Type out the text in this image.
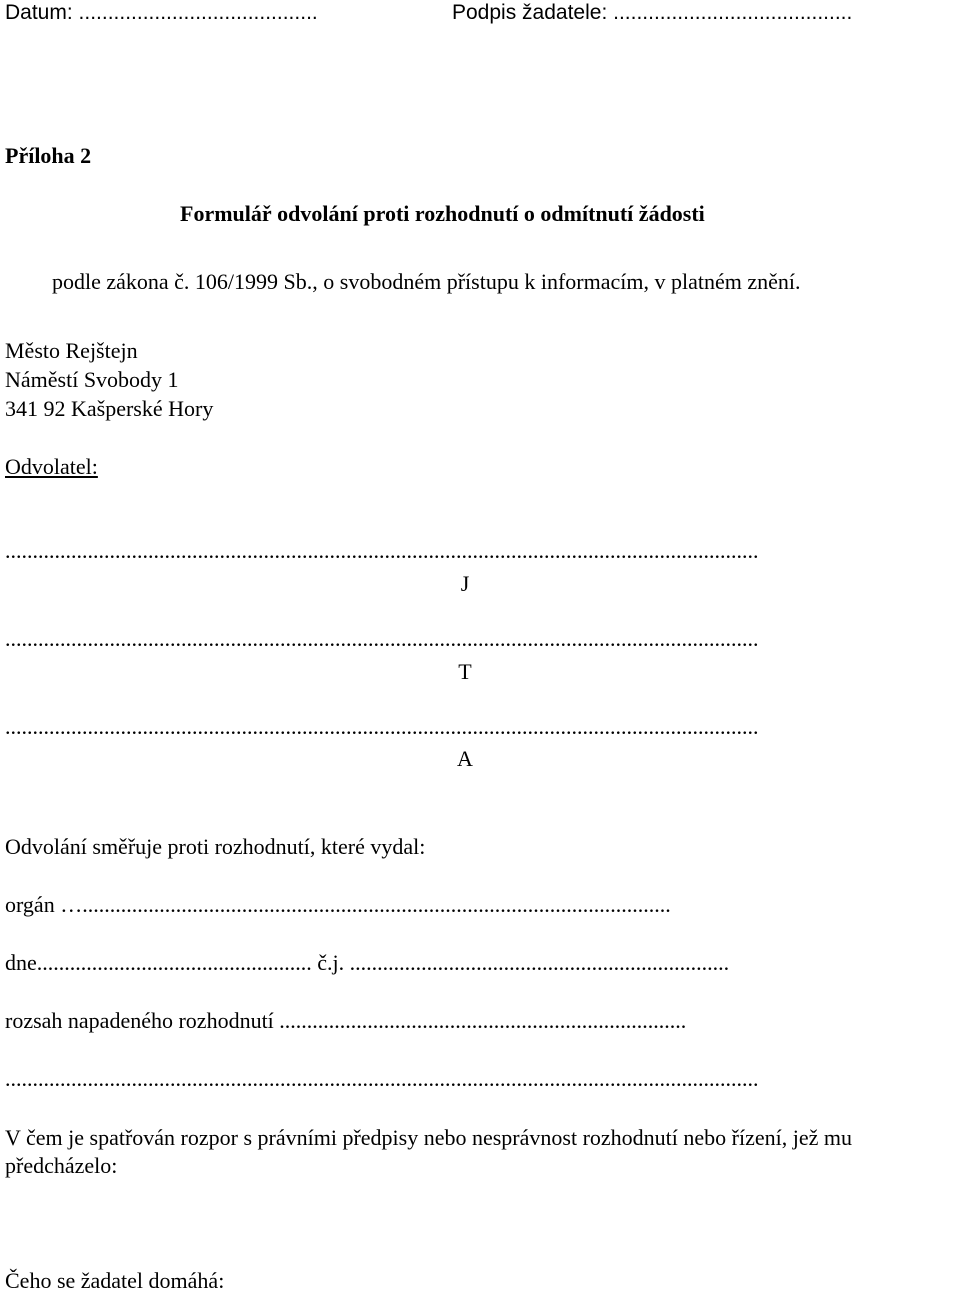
Datum: .........................................	Podpis žadatele: .........................................
Příloha 2
Formulář odvolání proti rozhodnutí o odmítnutí žádosti
podle zákona č. 106/1999 Sb., o svobodném přístupu k informacím, v platném znění.
Město Rejštejn
Náměstí Svobody 1
341 92 Kašperské Hory
Odvolatel:
.........................................................................................................................................
J
.........................................................................................................................................
T
.........................................................................................................................................
A
Odvolání směřuje proti rozhodnutí, které vydal:
orgán …...........................................................................................................
dne.................................................. č.j. .....................................................................
rozsah napadeného rozhodnutí ..........................................................................
.........................................................................................................................................
V čem je spatřován rozpor s právními předpisy nebo nesprávnost rozhodnutí nebo řízení, jež mu předcházelo:
Čeho se žadatel domáhá:
